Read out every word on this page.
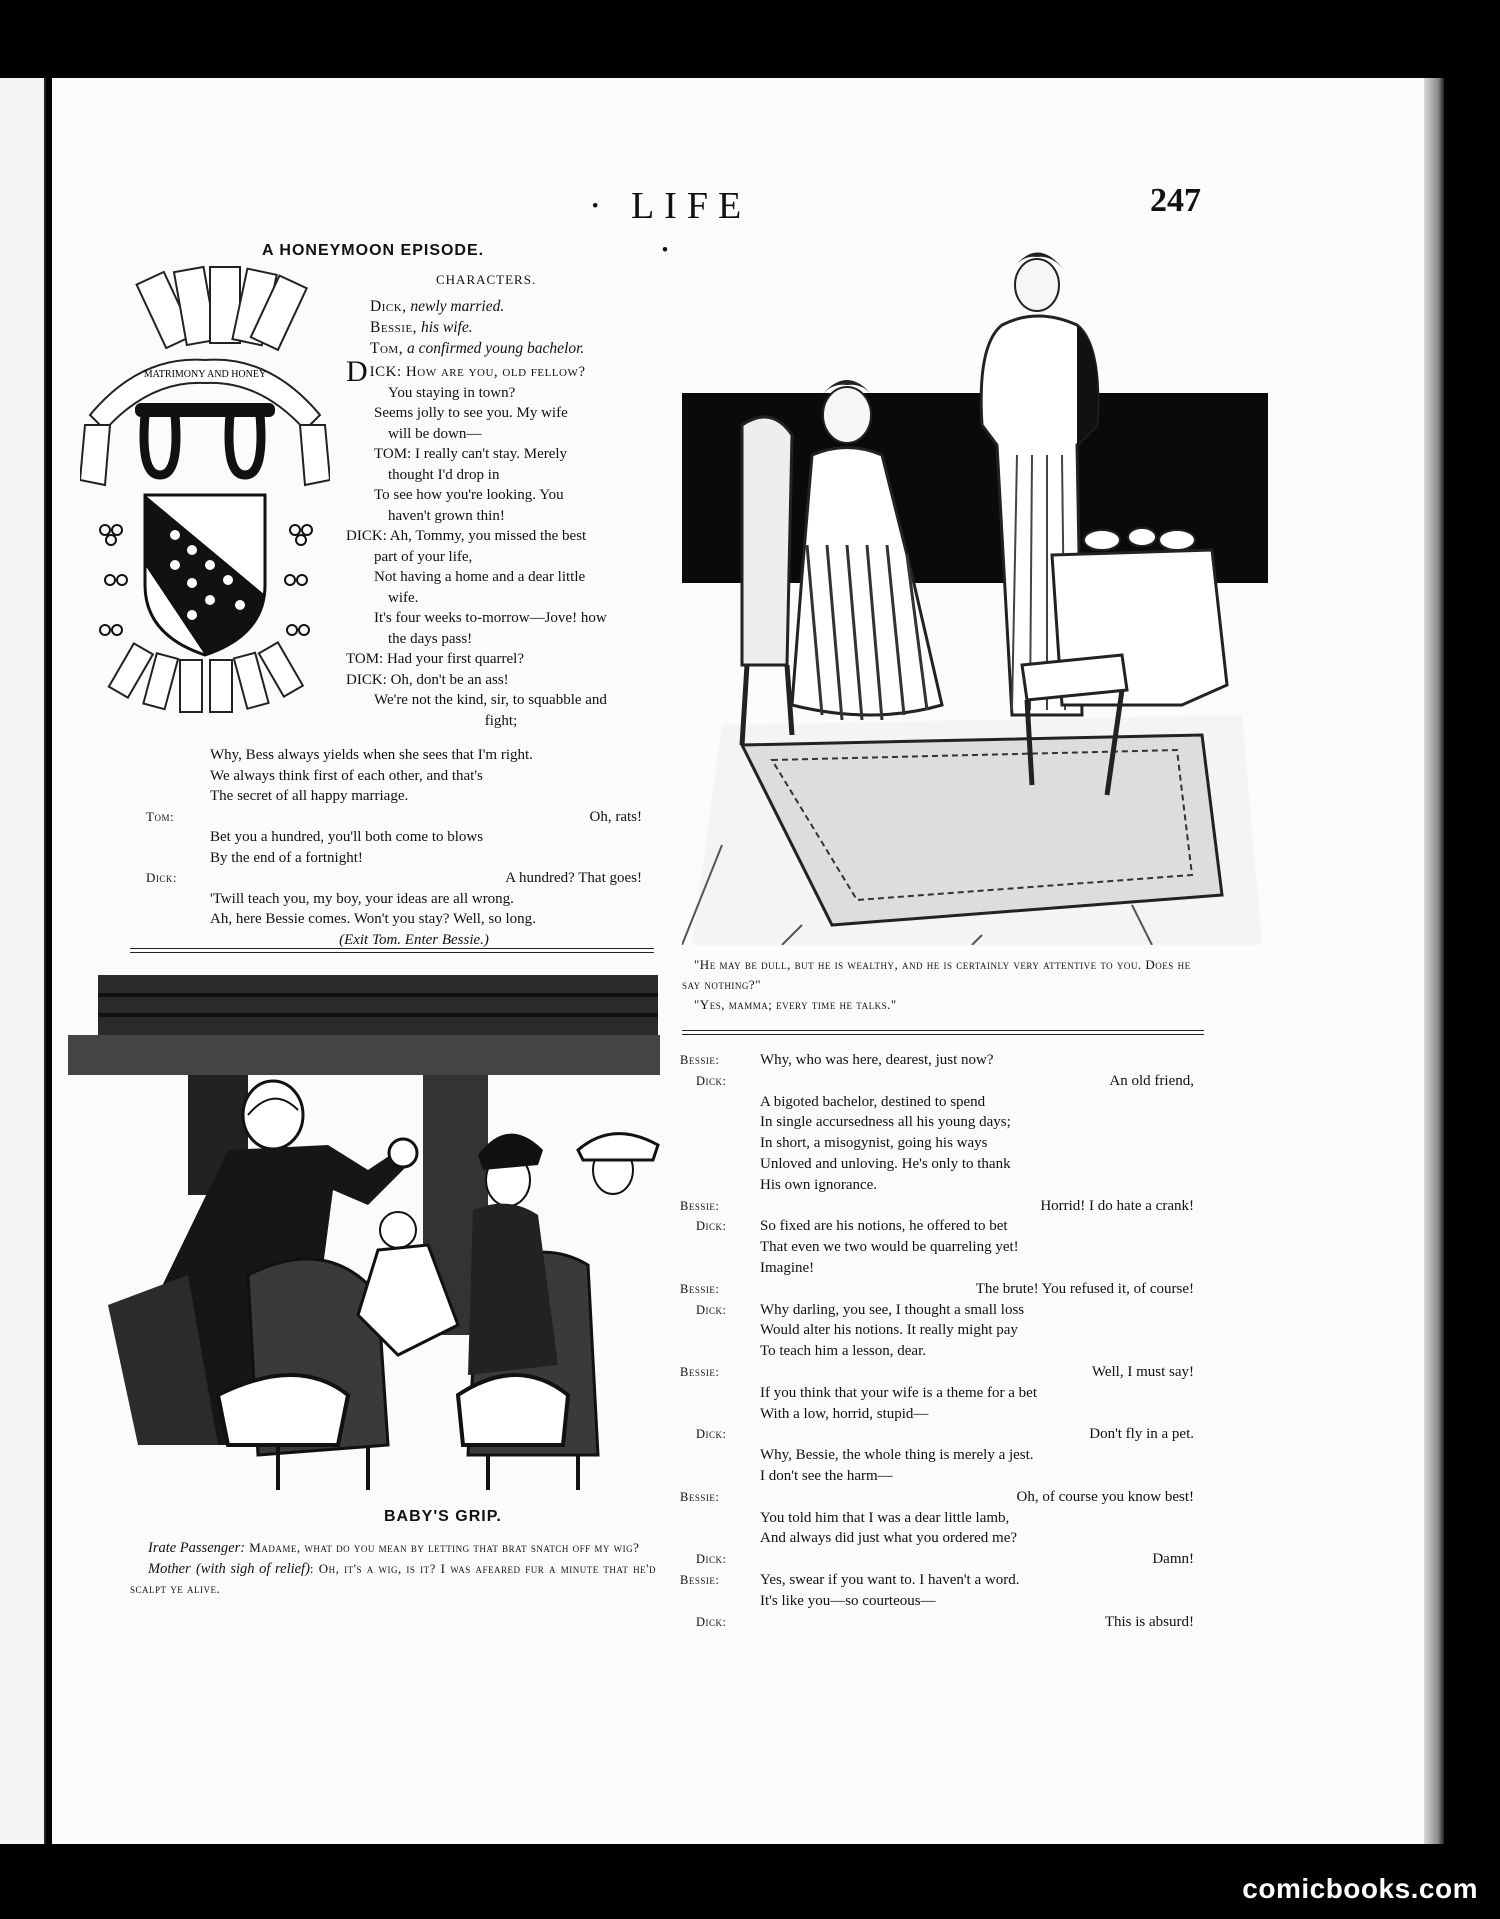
· LIFE ·
247
A HONEYMOON EPISODE.
CHARACTERS.
Dick, newly married.
Bessie, his wife.
Tom, a confirmed young bachelor.
MATRIMONY AND HONEY	DICK: How are you, old fellow?
You staying in town?
Seems jolly to see you. My wife
will be down—
TOM: I really can't stay. Merely
thought I'd drop in
To see how you're looking. You
haven't grown thin!
DICK: Ah, Tommy, you missed the best
part of your life,
Not having a home and a dear little
wife.
It's four weeks to-morrow—Jove! how
the days pass!
TOM: Had your first quarrel?
DICK: Oh, don't be an ass!
We're not the kind, sir, to squabble and
fight;
Why, Bess always yields when she sees that I'm right.
We always think first of each other, and that's
The secret of all happy marriage.
Tom:	Oh, rats!
Bet you a hundred, you'll both come to blows
By the end of a fortnight!
Dick:	A hundred? That goes!
'Twill teach you, my boy, your ideas are all wrong.
Ah, here Bessie comes. Won't you stay? Well, so long.
(Exit Tom. Enter Bessie.)
"He may be dull, but he is wealthy, and he is certainly very attentive to you. Does he say nothing?"
"Yes, mamma; every time he talks."
BABY'S GRIP.
Irate Passenger: Madame, what do you mean by letting that brat snatch off my wig?
Mother (with sigh of relief): Oh, it's a wig, is it? I was afeared fur a minute that he'd scalpt ye alive.
Bessie:	Why, who was here, dearest, just now?
Dick:	An old friend,
A bigoted bachelor, destined to spend
In single accursedness all his young days;
In short, a misogynist, going his ways
Unloved and unloving. He's only to thank
His own ignorance.
Bessie:	Horrid! I do hate a crank!
Dick:	So fixed are his notions, he offered to bet
That even we two would be quarreling yet!
Imagine!
Bessie:	The brute! You refused it, of course!
Dick:	Why darling, you see, I thought a small loss
Would alter his notions. It really might pay
To teach him a lesson, dear.
Bessie:	Well, I must say!
If you think that your wife is a theme for a bet
With a low, horrid, stupid—
Dick:	Don't fly in a pet.
Why, Bessie, the whole thing is merely a jest.
I don't see the harm—
Bessie:	Oh, of course you know best!
You told him that I was a dear little lamb,
And always did just what you ordered me?
Dick:	Damn!
Bessie:	Yes, swear if you want to. I haven't a word.
It's like you—so courteous—
Dick:	This is absurd!
comicbooks.com
